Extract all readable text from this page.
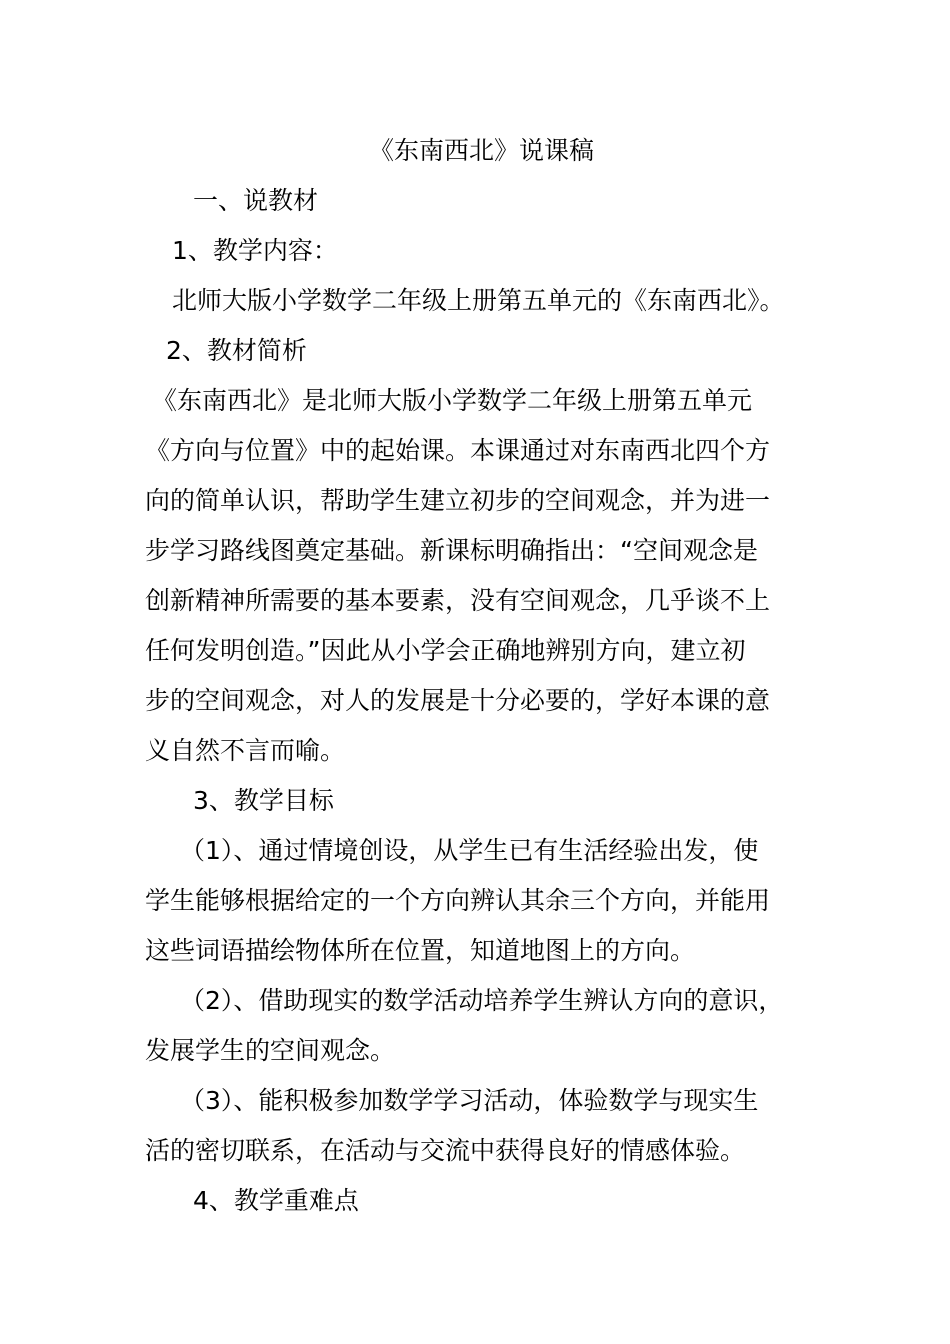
《东南西北》说课稿
一、说教材
1、教学内容：
北师大版小学数学二年级上册第五单元的《东南西北》。
2、教材简析
《东南西北》是北师大版小学数学二年级上册第五单元
《方向与位置》中的起始课。本课通过对东南西北四个方
向的简单认识，帮助学生建立初步的空间观念，并为进一
步学习路线图奠定基础。新课标明确指出：“空间观念是
创新精神所需要的基本要素，没有空间观念，几乎谈不上
任何发明创造。”因此从小学会正确地辨别方向，建立初
步的空间观念，对人的发展是十分必要的，学好本课的意
义自然不言而喻。
3、教学目标
（1）、通过情境创设，从学生已有生活经验出发，使
学生能够根据给定的一个方向辨认其余三个方向，并能用
这些词语描绘物体所在位置，知道地图上的方向。
（2）、借助现实的数学活动培养学生辨认方向的意识，
发展学生的空间观念。
（3）、能积极参加数学学习活动，体验数学与现实生
活的密切联系，在活动与交流中获得良好的情感体验。
4、教学重难点
